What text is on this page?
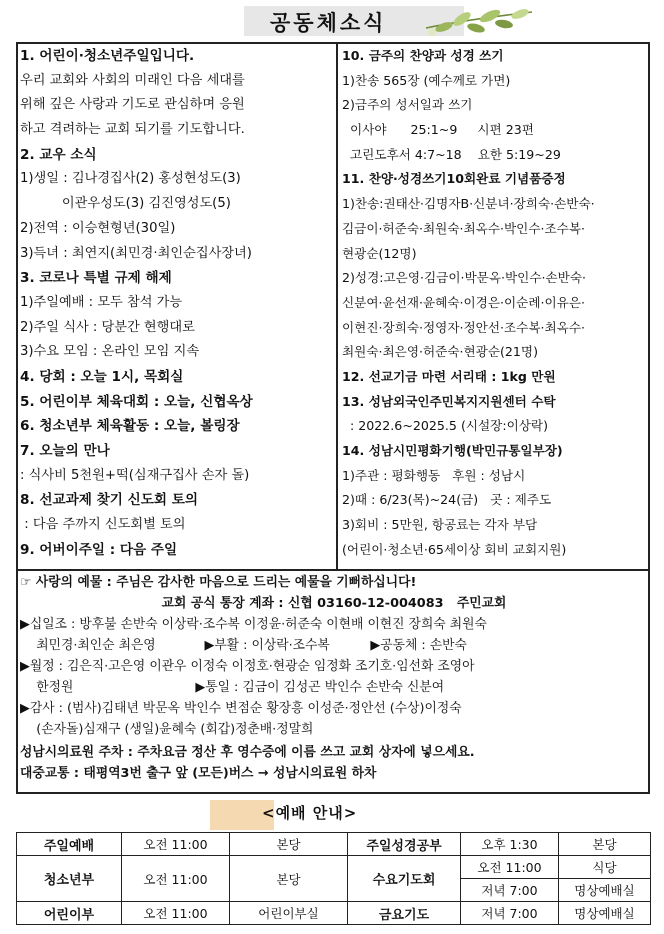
공동체소식
1. 어린이·청소년주일입니다.
우리 교회와 사회의 미래인 다음 세대를
위해 깊은 사랑과 기도로 관심하며 응원
하고 격려하는 교회 되기를 기도합니다.
2. 교우 소식
1)생일 : 김나경집사(2) 홍성현성도(3)
이관우성도(3) 김진영성도(5)
2)전역 : 이승현형년(30일)
3)득녀 : 최연지(최민경·최인순집사장녀)
3. 코로나 특별 규제 해제
1)주일예배 : 모두 참석 가능
2)주일 식사 : 당분간 현행대로
3)수요 모임 : 온라인 모임 지속
4. 당회 : 오늘 1시, 목회실
5. 어린이부 체육대회 : 오늘, 신협옥상
6. 청소년부 체육활동 : 오늘, 볼링장
7. 오늘의 만나
: 식사비 5천원+떡(심재구집사 손자 돌)
8. 선교과제 찾기 신도회 토의
: 다음 주까지 신도회별 토의
9. 어버이주일 : 다음 주일
10. 금주의 찬양과 성경 쓰기
1)찬송 565장 (예수께로 가면)
2)금주의 성서일과 쓰기
이사야      25:1~9     시편 23편
고린도후서 4:7~18    요한 5:19~29
11. 찬양·성경쓰기10회완료 기념품증정
1)찬송:권태산·김명자B·신분녀·장희숙·손반숙·
김금이·허준숙·최원숙·최옥수·박인수·조수복·
현광순(12명)
2)성경:고은영·김금이·박문옥·박인수·손반숙·
신분여·윤선재·윤혜숙·이경은·이순례·이유은·
이현진·장희숙·정영자·정안선·조수복·최옥수·
최원숙·최은영·허준숙·현광순(21명)
12. 선교기금 마련 서리태 : 1kg 만원
13. 성남외국인주민복지지원센터 수탁
: 2022.6~2025.5 (시설장:이상락)
14. 성남시민평화기행(박민규통일부장)
1)주관 : 평화행동   후원 : 성남시
2)때 : 6/23(목)~24(금)   곳 : 제주도
3)회비 : 5만원, 항공료는 각자 부담
(어린이·청소년·65세이상 회비 교회지원)
☞ 사랑의 예물 : 주님은 감사한 마음으로 드리는 예물을 기뻐하십니다!
교회 공식 통장 계좌 : 신협 03160-12-004083   주민교회
▶십일조 : 방후불 손반숙 이상락·조수복 이정윤·허준숙 이현배 이현진 장희숙 최원숙
최민경·최인순 최은영            ▶부활 : 이상락·조수복          ▶공동체 : 손반숙
▶월정 : 김은직·고은영 이관우 이정숙 이정호·현광순 임정화 조기호·임선화 조영아
한정원                              ▶통일 : 김금이 김성곤 박인수 손반숙 신분여
▶감사 : (범사)김태년 박문옥 박인수 변점순 황장흥 이성준·정안선 (수상)이정숙
(손자돌)심재구 (생일)윤혜숙 (회갑)정춘배·정말희
성남시의료원 주차 : 주차요금 정산 후 영수증에 이름 쓰고 교회 상자에 넣으세요.
대중교통 : 태평역3번 출구 앞 (모든)버스 → 성남시의료원 하차
<예배 안내>
주일예배	오전 11:00	본당	주일성경공부	오후 1:30	본당
청소년부	오전 11:00	본당	수요기도회	오전 11:00	식당
				저녁 7:00	명상예배실
어린이부	오전 11:00	어린이부실	금요기도	저녁 7:00	명상예배실
